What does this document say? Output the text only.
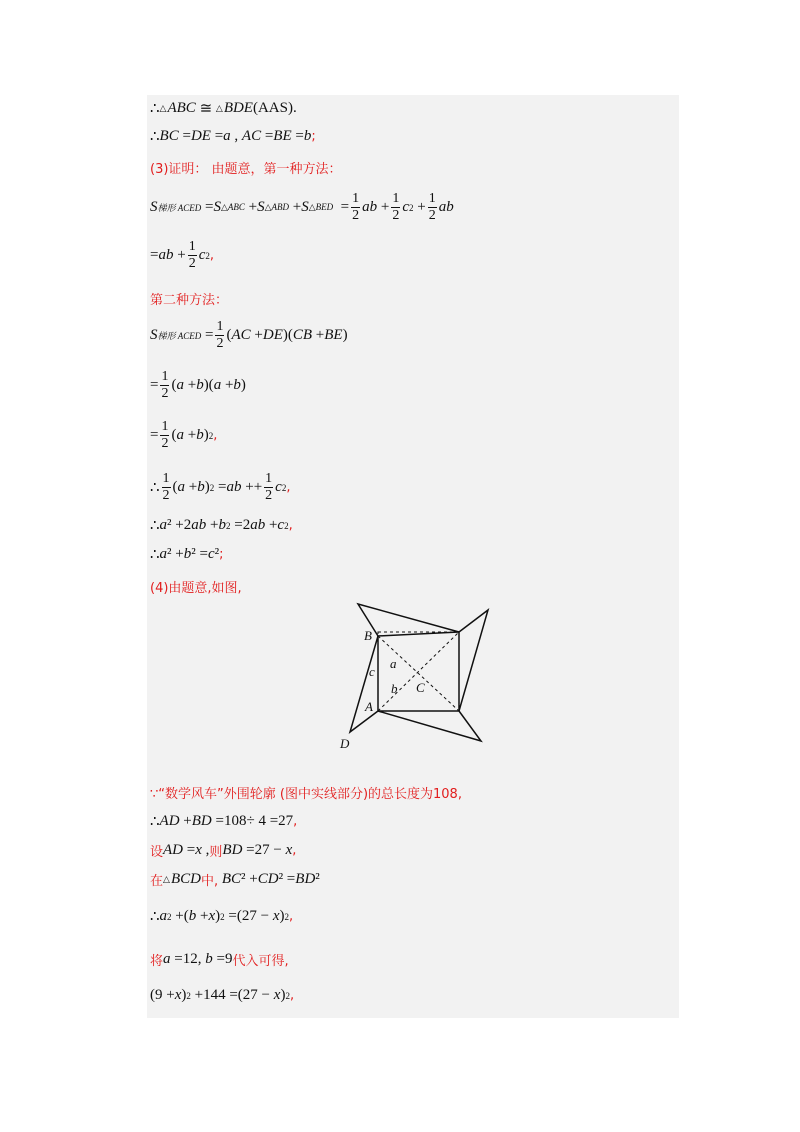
∴ △ ABC ≅ △ BDE (AAS).
∴ BC = DE = a , AC = BE = b ;
(3)证明： 由题意，第一种方法：
S 梯形 ACED = S △ABC + S △ABD + S △BED = $\frac{1}{2}$ ab + $\frac{1}{2}$ c $2 + \frac{1}{2}$ ab
= ab + $\frac{1}{2}$ c 2 ,
第二种方法：
S 梯形 ACED = $\frac{1}{2}$ ( AC + DE )( CB + BE )
= $\frac{1}{2}$ ( a + b )( a + b )
= $\frac{1}{2}$ ( a + b ) 2 ,
∴ $\frac{1}{2}$ ( a + b ) 2 = ab ++ $\frac{1}{2}$ c 2 ,
∴ a ² +2 ab + b 2 =2 ab + c 2 ,
∴ a ² + b ² = c ² ;
(4)由题意,如图,
B
A
C
D
a
b
c
∵“数学风车”外围轮廓 (图中实线部分)的总长度为108,
∴ AD + BD =108÷ 4 =27 ,
设 AD = x , 则 BD =27 − x ,
在 △ BCD 中,
BC ² + CD ² = BD ²
∴ a 2 +( b + x ) 2 =(27 − x ) 2 ,
将 a =12, b =9 代入可得,
(9 + x ) 2 +144 =(27 − x ) 2 ,
